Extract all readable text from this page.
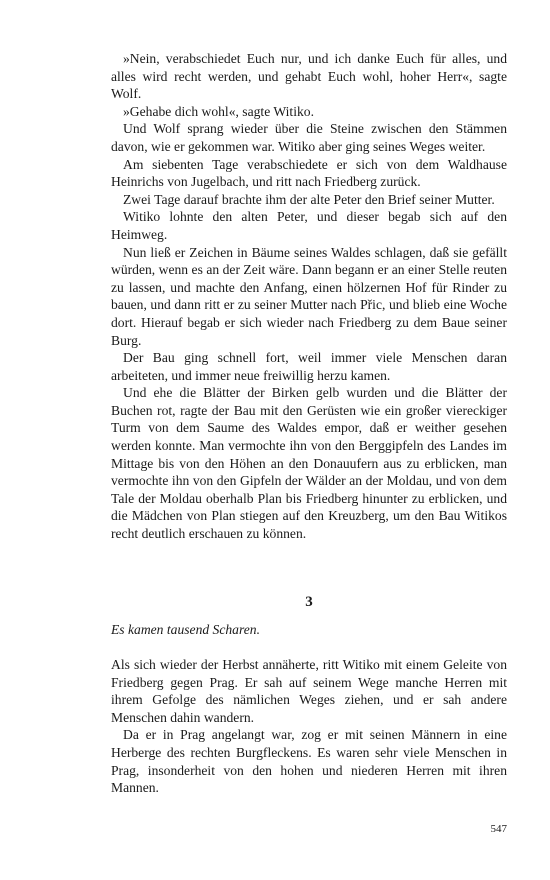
»Nein, verabschiedet Euch nur, und ich danke Euch für alles, und alles wird recht werden, und gehabt Euch wohl, hoher Herr«, sagte Wolf.

»Gehabe dich wohl«, sagte Witiko.

Und Wolf sprang wieder über die Steine zwischen den Stämmen davon, wie er gekommen war. Witiko aber ging seines Weges weiter.

Am siebenten Tage verabschiedete er sich von dem Waldhause Heinrichs von Jugelbach, und ritt nach Friedberg zurück.

Zwei Tage darauf brachte ihm der alte Peter den Brief seiner Mutter.

Witiko lohnte den alten Peter, und dieser begab sich auf den Heimweg.

Nun ließ er Zeichen in Bäume seines Waldes schlagen, daß sie gefällt würden, wenn es an der Zeit wäre. Dann begann er an einer Stelle reuten zu lassen, und machte den Anfang, einen hölzernen Hof für Rinder zu bauen, und dann ritt er zu seiner Mutter nach Přic, und blieb eine Woche dort. Hierauf begab er sich wieder nach Friedberg zu dem Baue seiner Burg.

Der Bau ging schnell fort, weil immer viele Menschen daran arbeiteten, und immer neue freiwillig herzu kamen.

Und ehe die Blätter der Birken gelb wurden und die Blätter der Buchen rot, ragte der Bau mit den Gerüsten wie ein großer viereckiger Turm von dem Saume des Waldes empor, daß er weither gesehen werden konnte. Man vermochte ihn von den Berggipfeln des Landes im Mittage bis von den Höhen an den Donauufern aus zu erblicken, man vermochte ihn von den Gipfeln der Wälder an der Moldau, und von dem Tale der Moldau oberhalb Plan bis Friedberg hinunter zu erblicken, und die Mädchen von Plan stiegen auf den Kreuzberg, um den Bau Witikos recht deutlich erschauen zu können.

3
Es kamen tausend Scharen.

Als sich wieder der Herbst annäherte, ritt Witiko mit einem Geleite von Friedberg gegen Prag. Er sah auf seinem Wege manche Herren mit ihrem Gefolge des nämlichen Weges ziehen, und er sah andere Menschen dahin wandern.

Da er in Prag angelangt war, zog er mit seinen Männern in eine Herberge des rechten Burgfleckens. Es waren sehr viele Menschen in Prag, insonderheit von den hohen und niederen Herren mit ihren Mannen.

547
